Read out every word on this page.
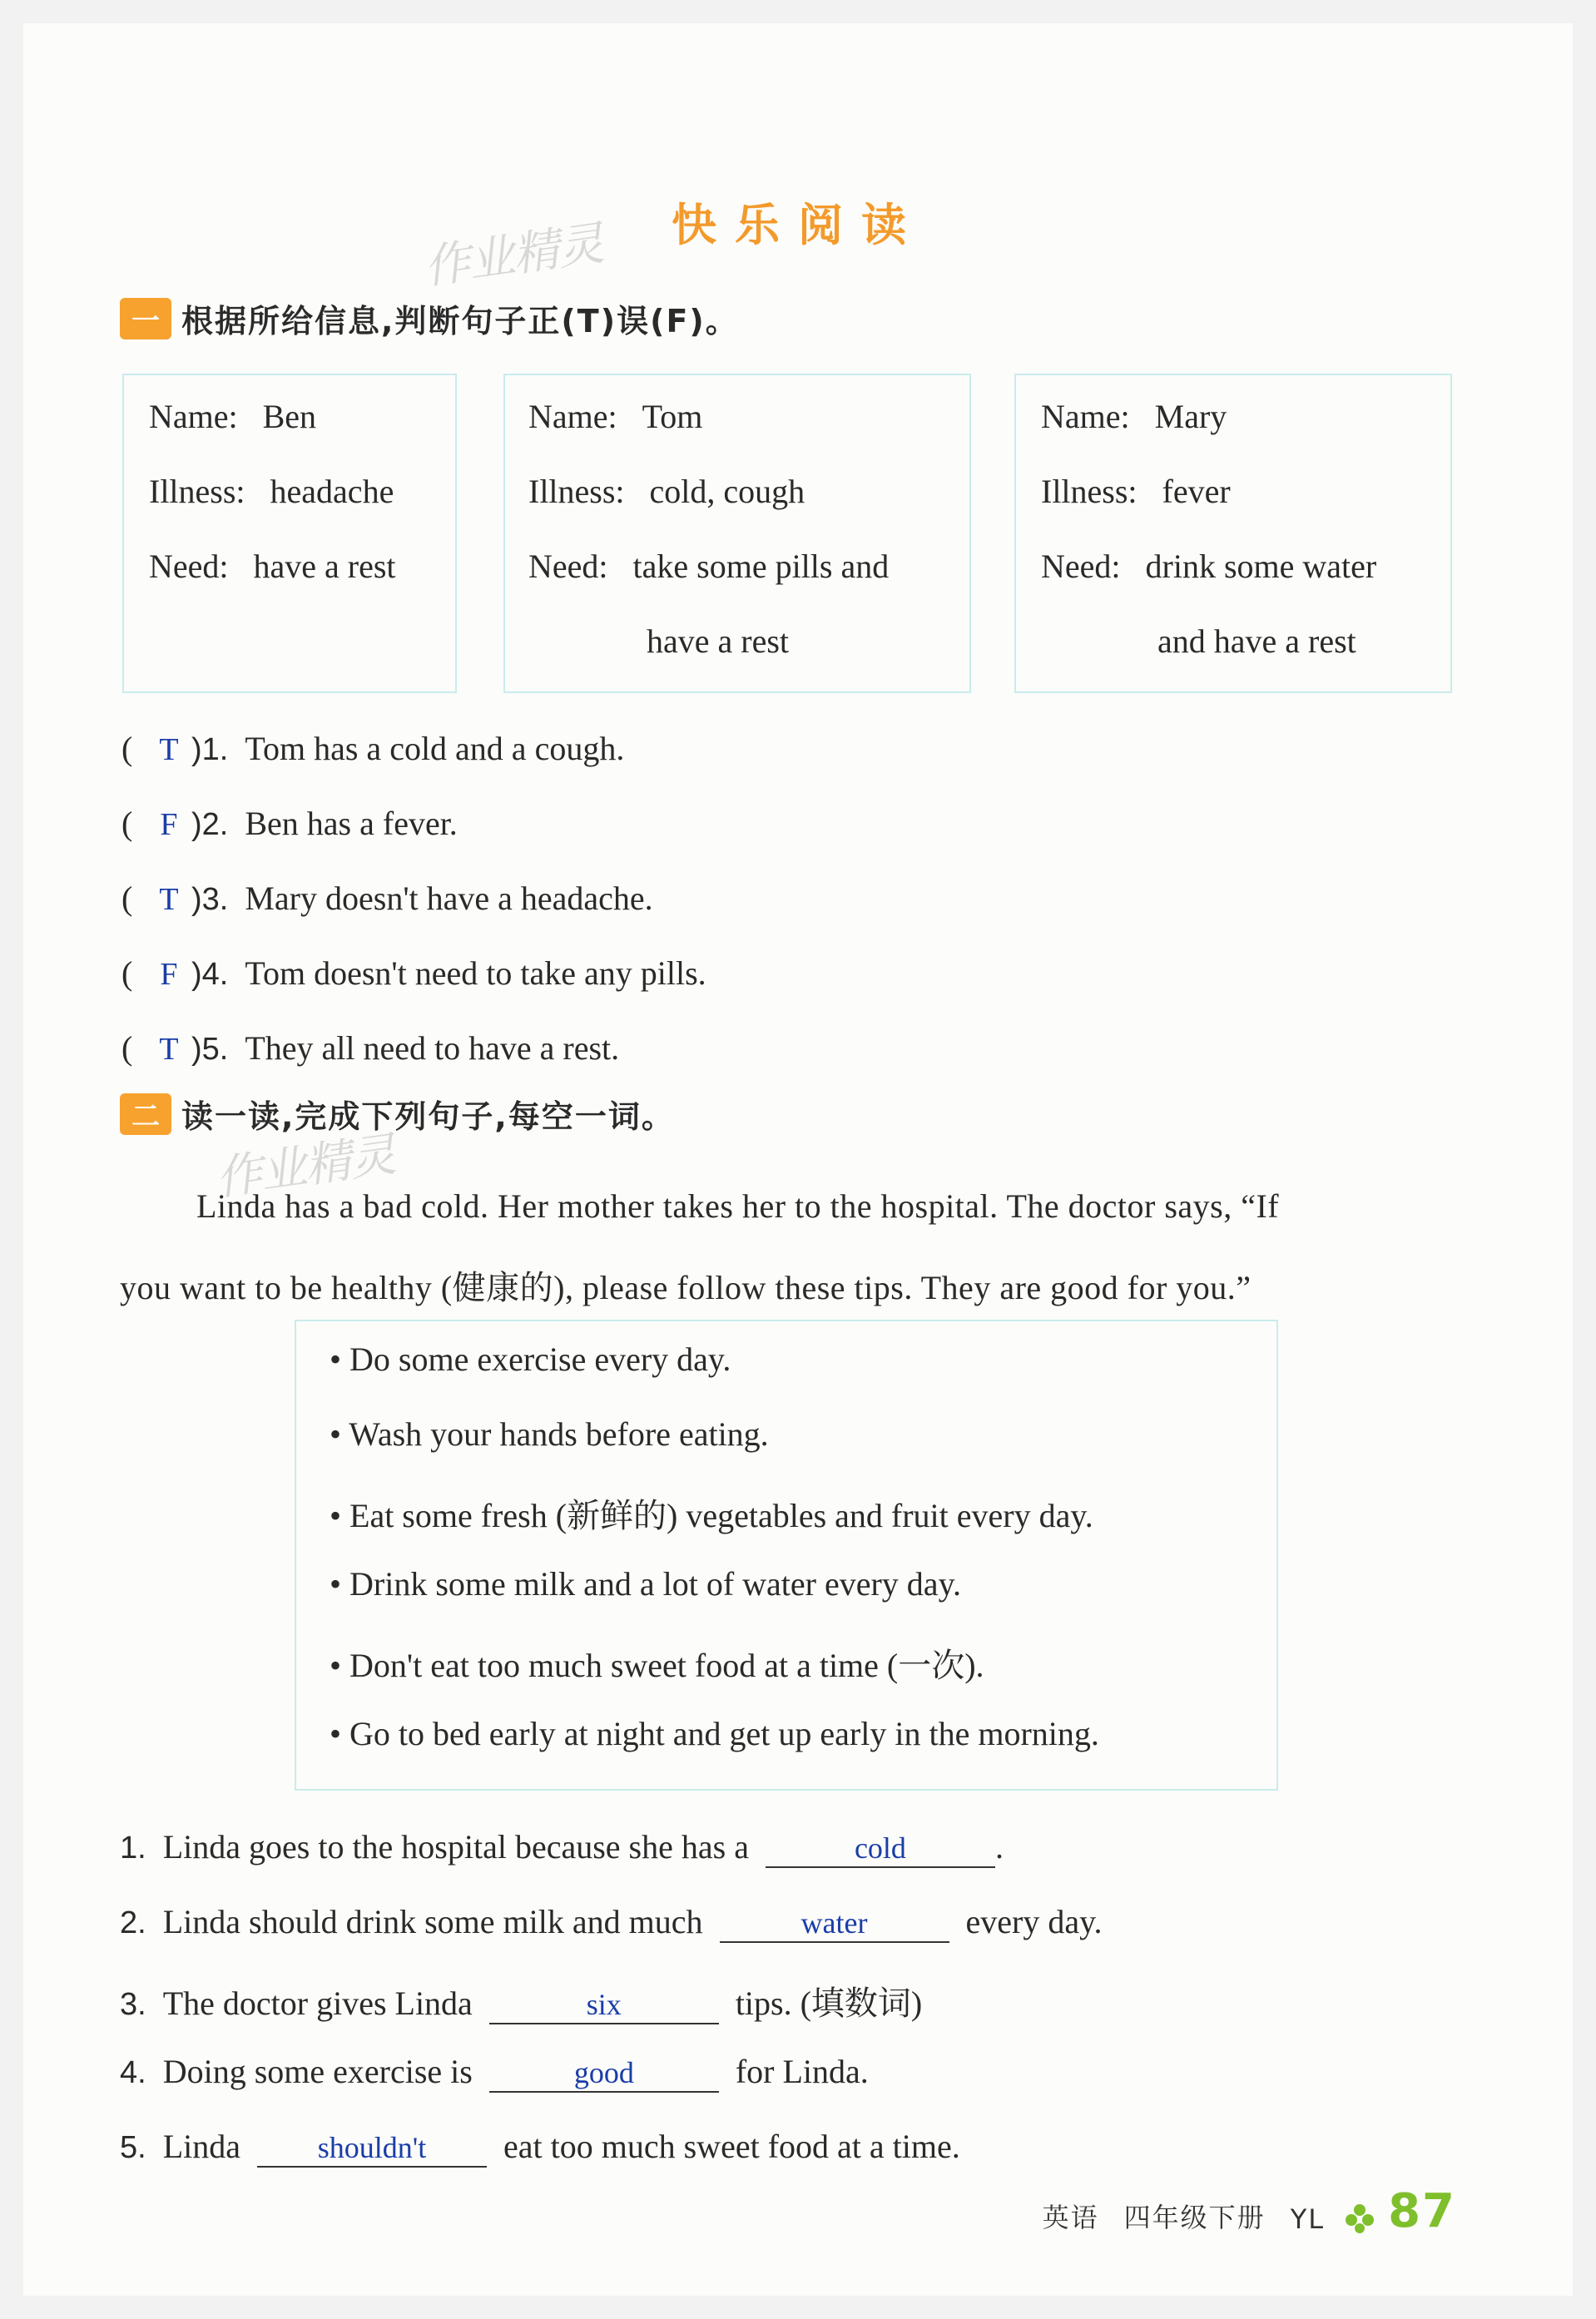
快乐阅读
作业精灵
一 根据所给信息,判断句子正(T)误(F)。
Name: Ben
Illness: headache
Need: have a rest
Name: Tom
Illness: cold, cough
Need: take some pills and
have a rest
Name: Mary
Illness: fever
Need: drink some water
and have a rest
( T )1. Tom has a cold and a cough.
( F )2. Ben has a fever.
( T )3. Mary doesn't have a headache.
( F )4. Tom doesn't need to take any pills.
( T )5. They all need to have a rest.
二 读一读,完成下列句子,每空一词。
作业精灵
Linda has a bad cold. Her mother takes her to the hospital. The doctor says, “If
you want to be healthy (健康的), please follow these tips. They are good for you.”
• Do some exercise every day.
• Wash your hands before eating.
• Eat some fresh (新鲜的) vegetables and fruit every day.
• Drink some milk and a lot of water every day.
• Don't eat too much sweet food at a time (一次).
• Go to bed early at night and get up early in the morning.
1. Linda goes to the hospital because she has a	cold	.
2. Linda should drink some milk and much	water	every day.
3. The doctor gives Linda	six	tips. (填数词)
4. Doing some exercise is	good	for Linda.
5. Linda	shouldn't eat too much sweet food at a time.
英语 四年级下册 YL 87
